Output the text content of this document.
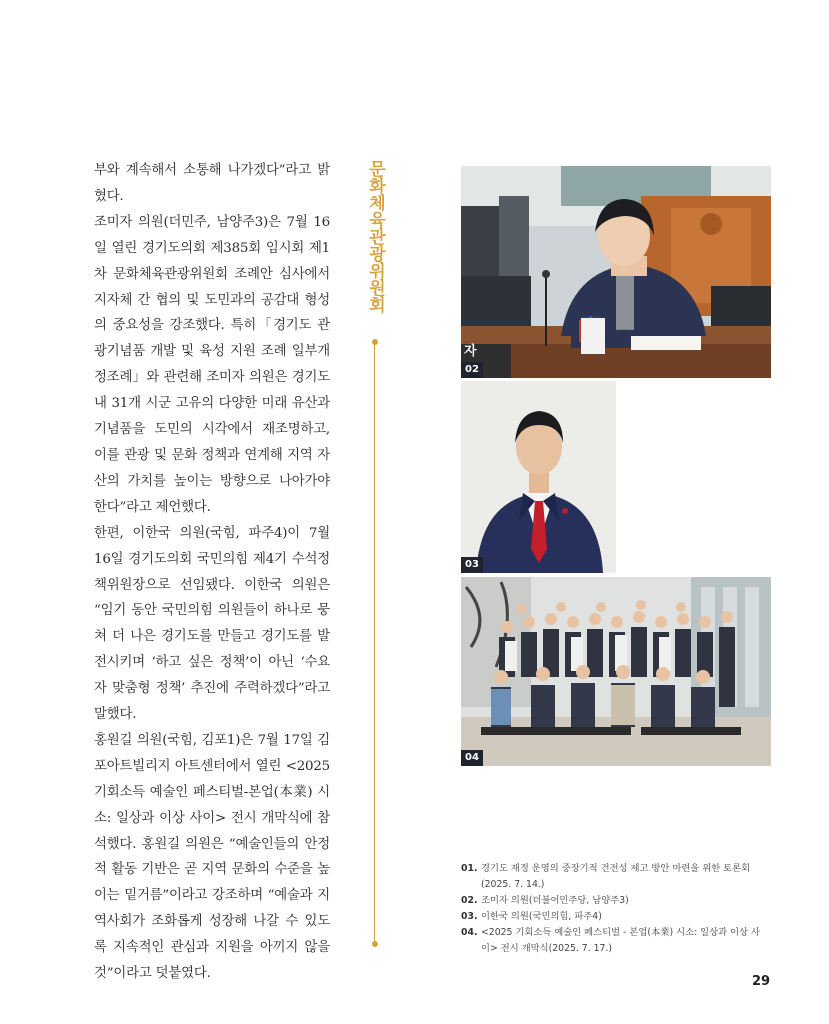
부와 계속해서 소통해 나가겠다”라고 밝혔다.

조미자 의원(더민주, 남양주3)은 7월 16일 열린 경기도의회 제385회 임시회 제1차 문화체육관광위원회 조례안 심사에서 지자체 간 협의 및 도민과의 공감대 형성의 중요성을 강조했다. 특히「경기도 관광기념품 개발 및 육성 지원 조례 일부개정조례」와 관련해 조미자 의원은 경기도 내 31개 시군 고유의 다양한 미래 유산과 기념품을 도민의 시각에서 재조명하고, 이를 관광 및 문화 정책과 연계해 지역 자산의 가치를 높이는 방향으로 나아가야 한다”라고 제언했다.

한편, 이한국 의원(국힘, 파주4)이 7월 16일 경기도의회 국민의힘 제4기 수석정책위원장으로 선임됐다. 이한국 의원은 “임기 동안 국민의힘 의원들이 하나로 뭉쳐 더 나은 경기도를 만들고 경기도를 발전시키며 ‘하고 싶은 정책’이 아닌 ‘수요자 맞춤형 정책’ 추진에 주력하겠다”라고 말했다.

홍원길 의원(국힘, 김포1)은 7월 17일 김포아트빌리지 아트센터에서 열린 <2025 기회소득 예술인 페스티벌-본업(本業) 시소: 일상과 이상 사이> 전시 개막식에 참석했다. 홍원길 의원은 “예술인들의 안정적 활동 기반은 곧 지역 문화의 수준을 높이는 밑거름”이라고 강조하며 “예술과 지역사회가 조화롭게 성장해 나갈 수 있도록 지속적인 관심과 지원을 아끼지 않을 것”이라고 덧붙였다.

문화체육관광위원회
02
자
03
04
01. 경기도 재정 운영의 중장기적 건전성 제고 방안 마련을 위한 토론회 (2025. 7. 14.)
02. 조미자 의원(더불어민주당, 남양주3)
03. 이한국 의원(국민의힘, 파주4)
04. <2025 기회소득 예술인 페스티벌 - 본업(本業) 시소: 일상과 이상 사이> 전시 개막식(2025. 7. 17.)
29
